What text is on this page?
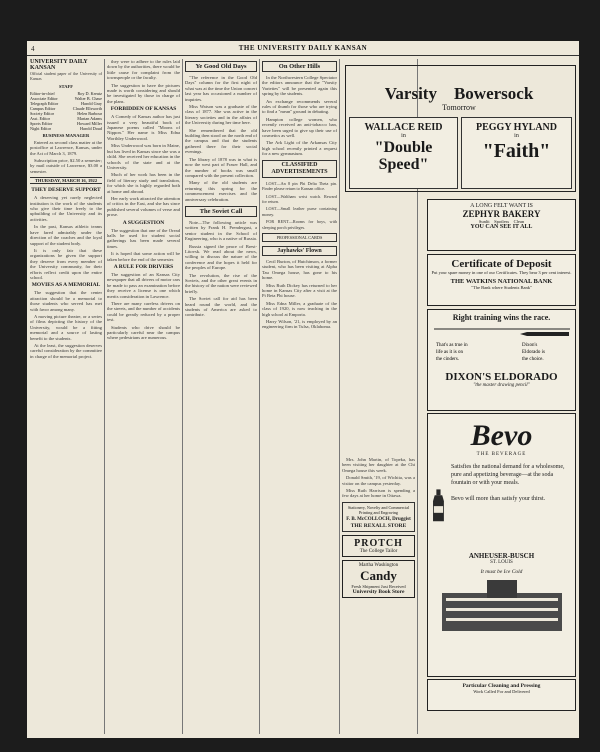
4	THE UNIVERSITY DAILY KANSAN
UNIVERSITY DAILY KANSAN
Official student paper of the University of Kansas
STAFF
Editor-in-chief	Roy D. Kreutz
Associate Editor	Walter B. Chase
Telegraph Editor	Harold Gray
Campus Editor	Claude Ellsworth
Society Editor	Helen Barbour
Asst. Editor	Marian Adams
Sports Editor	Howard Miller
Night Editor	Harold Doud
BUSINESS MANAGER

Entered as second class matter at the postoffice at Lawrence, Kansas, under the Act of March 3, 1879.

Subscription price, $2.50 a semester; by mail outside of Lawrence, $3.00 a semester.

THURSDAY, MARCH 16, 1922
THEY DESERVE SUPPORT

A deserving yet rarely neglected institution is the work of the students who give their time freely to the upbuilding of the University and its activities.

In the past, Kansas athletic teams have fared admirably under the direction of the coaches and the loyal support of the student body.

It is only fair that these organizations be given the support they deserve from every member of the University community, for their efforts reflect credit upon the entire school.

MOVIES AS A MEMORIAL

The suggestion that the center attraction should be a memorial to those students who served has met with favor among many.

A moving picture theatre, or a series of films depicting the history of the University, would be a fitting memorial and a source of lasting benefit to the students.

At the least, the suggestion deserves careful consideration by the committee in charge of the memorial project.

they were to adhere to the rules laid down by the authorities, there would be little cause for complaint from the townspeople or the faculty.

The suggestion to have the pictures made is worth considering and should be investigated by those in charge of the plans.

FORBIDDEN OF KANSAS

A Comedy of Kansas author has just issued a very beautiful book of Japanese poems called "Moons of Nippon." Her name is Miss Edna Worthley Underwood.

Miss Underwood was born in Maine, but has lived in Kansas since she was a child. She received her education in the schools of the state and at the University.

Much of her work has been in the field of literary study and translation, for which she is highly regarded both at home and abroad.

Her early work attracted the attention of critics in the East, and she has since published several volumes of verse and prose.

A SUGGESTION

The suggestion that one of the Oread halls be used for student social gatherings has been made several times.

It is hoped that some action will be taken before the end of the semester.

A RULE FOR DRIVERS

The suggestion of an Kansas City newspaper that all drivers of motor cars be made to pass an examination before they receive a license is one which merits consideration in Lawrence.

There are many careless drivers on the streets, and the number of accidents could be greatly reduced by a proper test.

Students who drive should be particularly careful near the campus where pedestrians are numerous.

Ye Good Old Days

"The reference in the Good Old Days" column for the first night of what was at the time the Union concert last year has occasioned a number of inquiries.

Miss Watson was a graduate of the class of 1877. She was active in the literary societies and in the affairs of the University during her time here.

She remembered that the old building then stood on the north end of the campus and that the students gathered there for their social evenings.

The library of 1878 was in what is now the west part of Fraser Hall, and the number of books was small compared with the present collection.

Many of the old students are returning this spring for the commencement exercises and the anniversary celebration.

The Soviet Call

Note—The following article was written by Frank H. Prendergast, a senior student in the School of Engineering, who is a native of Russia.

Russia signed the peace of Brest-Litovsk. We read about the news, willing to discuss the nature of the conference and the hopes it held for the peoples of Europe.

The revolution, the rise of the Soviets, and the other great events in the history of the nation were reviewed briefly.

The Soviet call for aid has been heard round the world, and the students of America are asked to contribute.

On Other Hills

In the Northwestern College Spectator the editors announce that the "Varsity Varieties" will be presented again this spring by the students.

An exchange recommends several rules of thumb for those who are trying to find a "mean" ground in debating.

Hampton college women, who recently received an anti-tobacco ban, have been urged to give up their use of cosmetics as well.

The Ark Light of the Arkansas City high school recently printed a request for a new gymnasium.

CLASSIFIED ADVERTISEMENTS

LOST—An 8 pin Phi Delta Theta pin. Finder please return to Kansan office.

LOST—Waltham wrist watch. Reward for return.

LOST—Small leather purse containing money.

FOR RENT—Rooms for boys, with sleeping porch privileges.

PROFESSIONAL CARDS
Jayhawks' Flown

Cecil Burton, of Hutchinson, a former student, who has been visiting at Alpha Tau Omega house, has gone to his home.

Miss Ruth Dickey has returned to her home in Kansas City after a visit at the Pi Beta Phi house.

Miss Edna Miller, a graduate of the class of 1920, is now teaching in the high school at Emporia.

Harry Wilson, '21, is employed by an engineering firm in Tulsa, Oklahoma.

Mrs. John Martin, of Topeka, has been visiting her daughter at the Chi Omega house this week.

Donald Smith, '19, of Wichita, was a visitor on the campus yesterday.

Miss Ruth Harrison is spending a few days at her home in Ottawa.

Stationery, Novelty and Commercial Printing and Engraving
F. B. McCOLLOCH, Druggist
THE REXALL STORE
PROTCH
The College Tailor
Martha Washington
Candy
Fresh Shipment Just Received
University Book Store
Varsity    Bowersock
Tomorrow
WALLACE REID
in
"Double Speed"
PEGGY HYLAND
in
"Faith"
A LONG FELT WANT IS
ZEPHYR BAKERY
Sunlit    Spotless    Clean
YOU CAN SEE IT ALL
Certificate of Deposit
Put your spare money in one of our Certificates. They bear 3 per cent interest.
THE WATKINS NATIONAL BANK
"The Bank where Students Bank"
Right training wins the race.
That's as true in
life as it is on
the cinders.
Dixon's
Eldorado is
the choice.
DIXON'S ELDORADO
"the master drawing pencil"
Bevo
THE BEVERAGE
Satisfies the national demand for a wholesome, pure and appetizing beverage—at the soda fountain or with your meals.

Bevo will more than satisfy your thirst.
ANHEUSER-BUSCH
ST. LOUIS
It must be Ice Cold
Particular Cleaning and Pressing
Work Called For and Delivered
